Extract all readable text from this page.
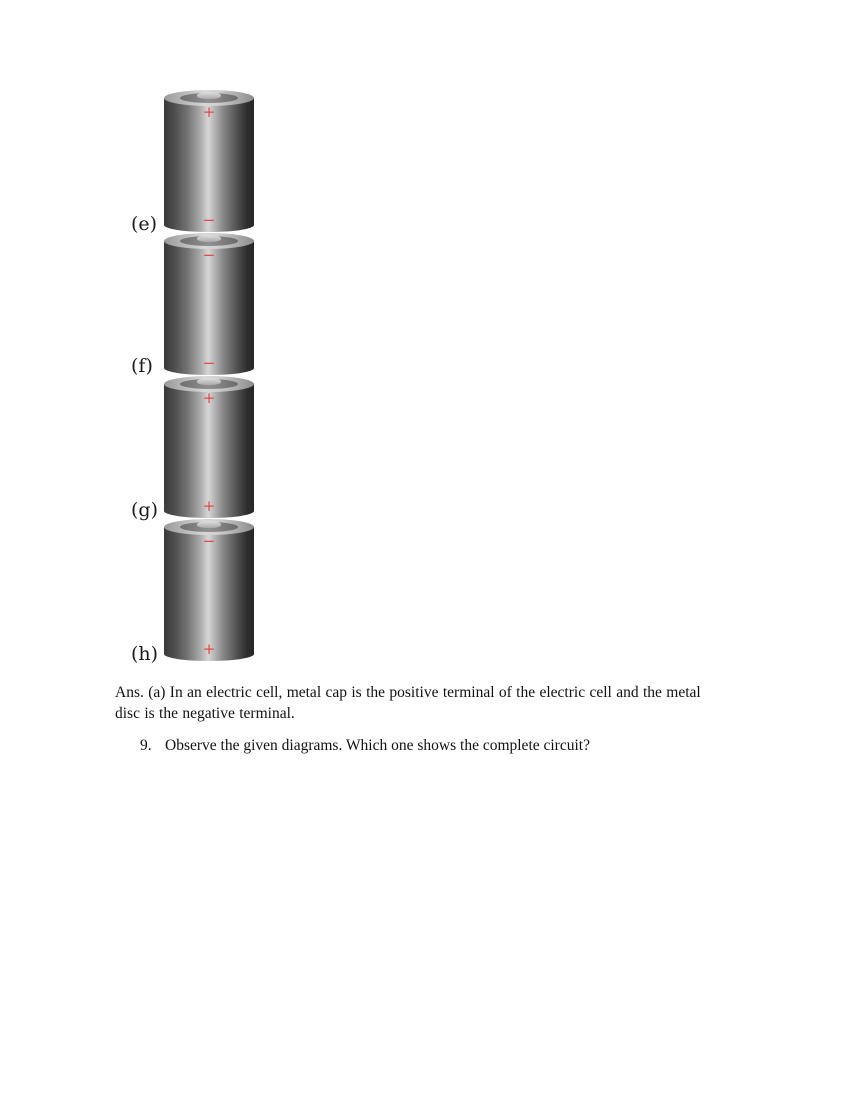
+
−
(e)
−
−
(f)
+
+
(g)
−
+
(h)
Ans. (a) In an electric cell, metal cap is the positive terminal of the electric cell and the metal disc is the negative terminal.
9. Observe the given diagrams. Which one shows the complete circuit?
